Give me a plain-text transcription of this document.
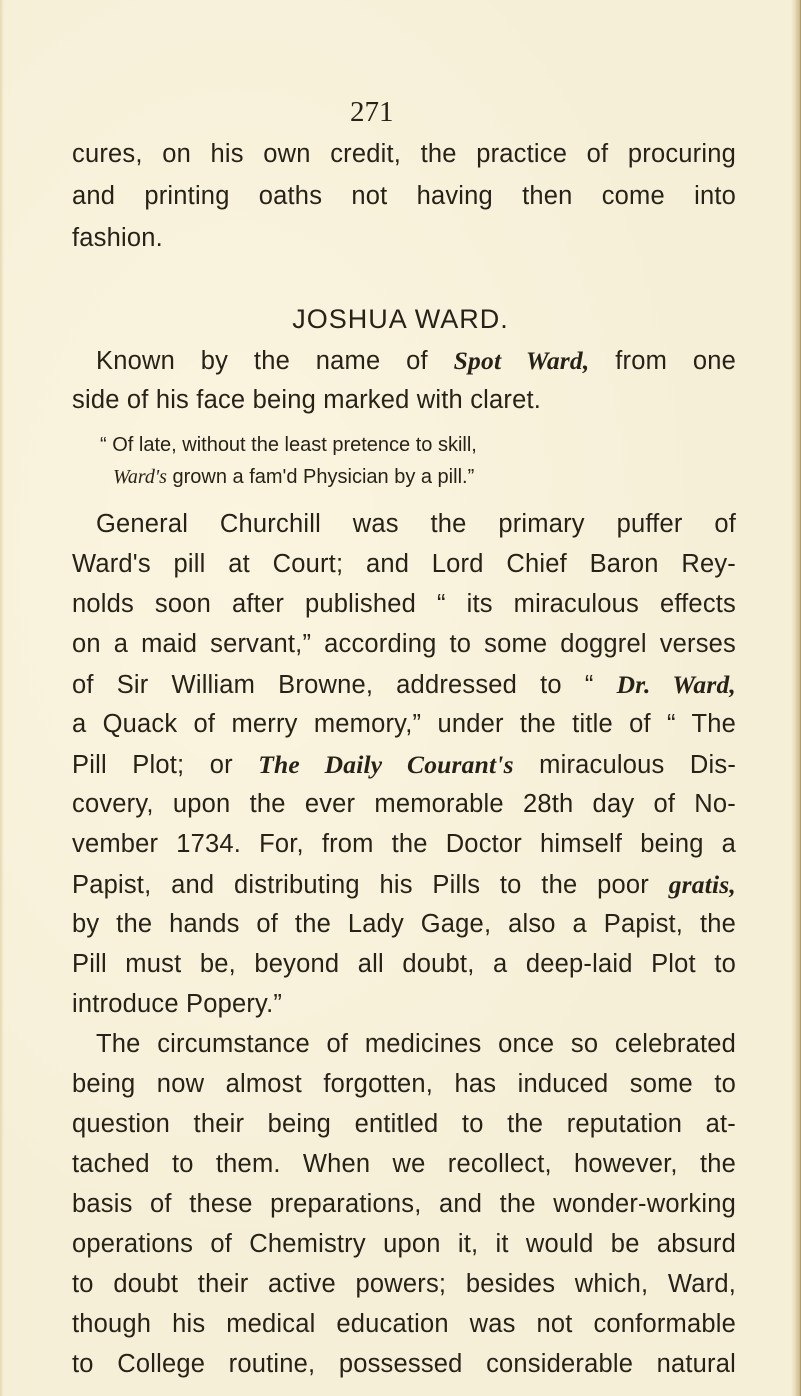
271
cures, on his own credit, the practice of procuring
and printing oaths not having then come into
fashion.
JOSHUA WARD.
Known by the name of Spot Ward, from one
side of his face being marked with claret.
“ Of late, without the least pretence to skill,
Ward's grown a fam'd Physician by a pill.”
General Churchill was the primary puffer of
Ward's pill at Court; and Lord Chief Baron Rey-
nolds soon after published “ its miraculous effects
on a maid servant,” according to some doggrel verses
of Sir William Browne, addressed to “ Dr. Ward,
a Quack of merry memory,” under the title of “ The
Pill Plot; or The Daily Courant's miraculous Dis-
covery, upon the ever memorable 28th day of No-
vember 1734. For, from the Doctor himself being a
Papist, and distributing his Pills to the poor gratis,
by the hands of the Lady Gage, also a Papist, the
Pill must be, beyond all doubt, a deep-laid Plot to
introduce Popery.”
The circumstance of medicines once so celebrated
being now almost forgotten, has induced some to
question their being entitled to the reputation at-
tached to them. When we recollect, however, the
basis of these preparations, and the wonder-working
operations of Chemistry upon it, it would be absurd
to doubt their active powers; besides which, Ward,
though his medical education was not conformable
to College routine, possessed considerable natural
